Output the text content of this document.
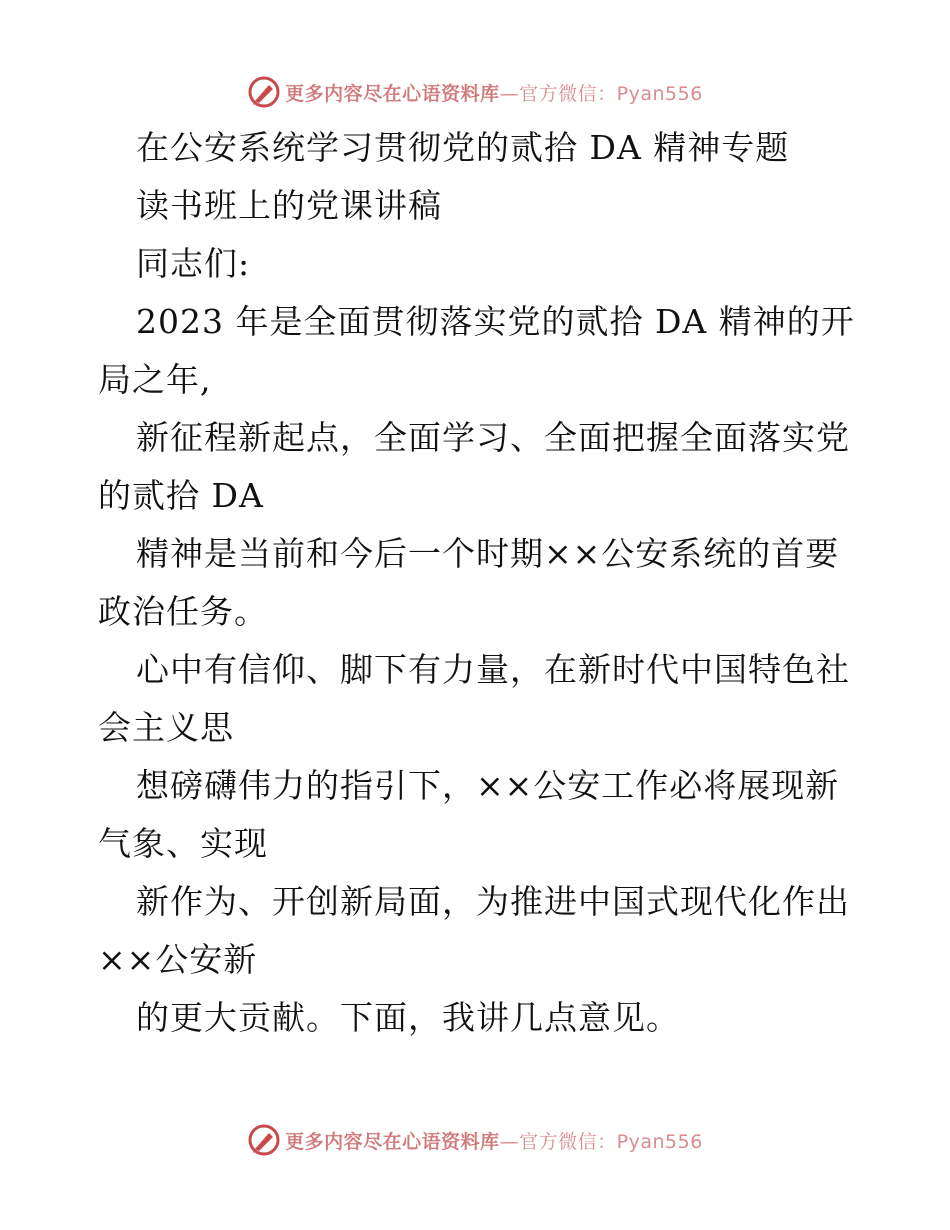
更多内容尽在心语资料库—官方微信：Pyan556
在公安系统学习贯彻党的贰拾 DA 精神专题
读书班上的党课讲稿
同志们:
2023 年是全面贯彻落实党的贰拾 DA 精神的开
局之年,
新征程新起点，全面学习、全面把握全面落实党
的贰拾 DA
精神是当前和今后一个时期××公安系统的首要
政治任务。
心中有信仰、脚下有力量，在新时代中国特色社
会主义思
想磅礴伟力的指引下，××公安工作必将展现新
气象、实现
新作为、开创新局面，为推进中国式现代化作出
××公安新
的更大贡献。下面，我讲几点意见。
更多内容尽在心语资料库—官方微信：Pyan556
